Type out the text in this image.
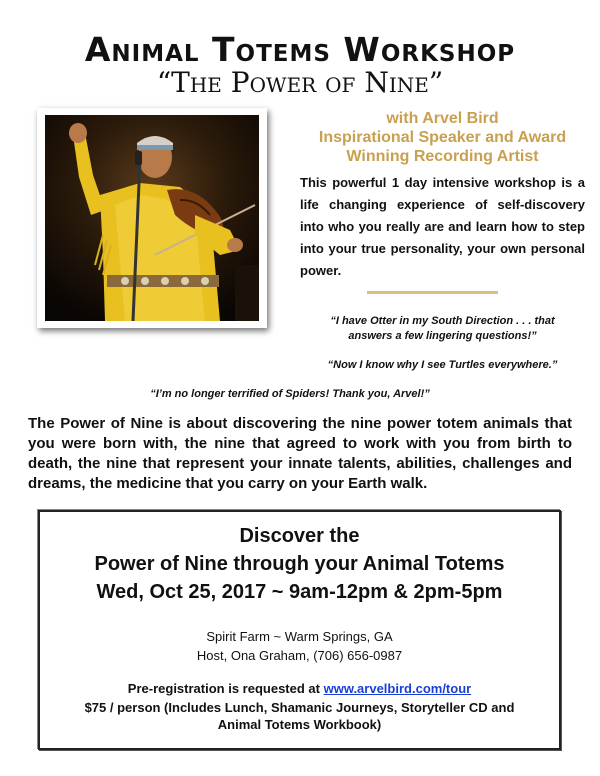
Animal Totems Workshop
“The Power of Nine”
with Arvel Bird
Inspirational Speaker and Award
Winning Recording Artist
This powerful 1 day intensive workshop is a life changing experience of self-discovery into who you really are and learn how to step into your true personality, your own personal power.
“I have Otter in my South Direction . . . that
answers a few lingering questions!”
“Now I know why I see Turtles everywhere.”
“I’m no longer terrified of Spiders! Thank you, Arvel!”
The Power of Nine is about discovering the nine power totem animals that you were born with, the nine that agreed to work with you from birth to death, the nine that represent your innate talents, abilities, challenges and dreams, the medicine that you carry on your Earth walk.
Discover the
Power of Nine through your Animal Totems
Wed, Oct 25, 2017 ~ 9am-12pm & 2pm-5pm
Spirit Farm ~ Warm Springs, GA
Host, Ona Graham, (706) 656-0987
Pre-registration is requested at www.arvelbird.com/tour
$75 / person (Includes Lunch, Shamanic Journeys, Storyteller CD and
Animal Totems Workbook)
